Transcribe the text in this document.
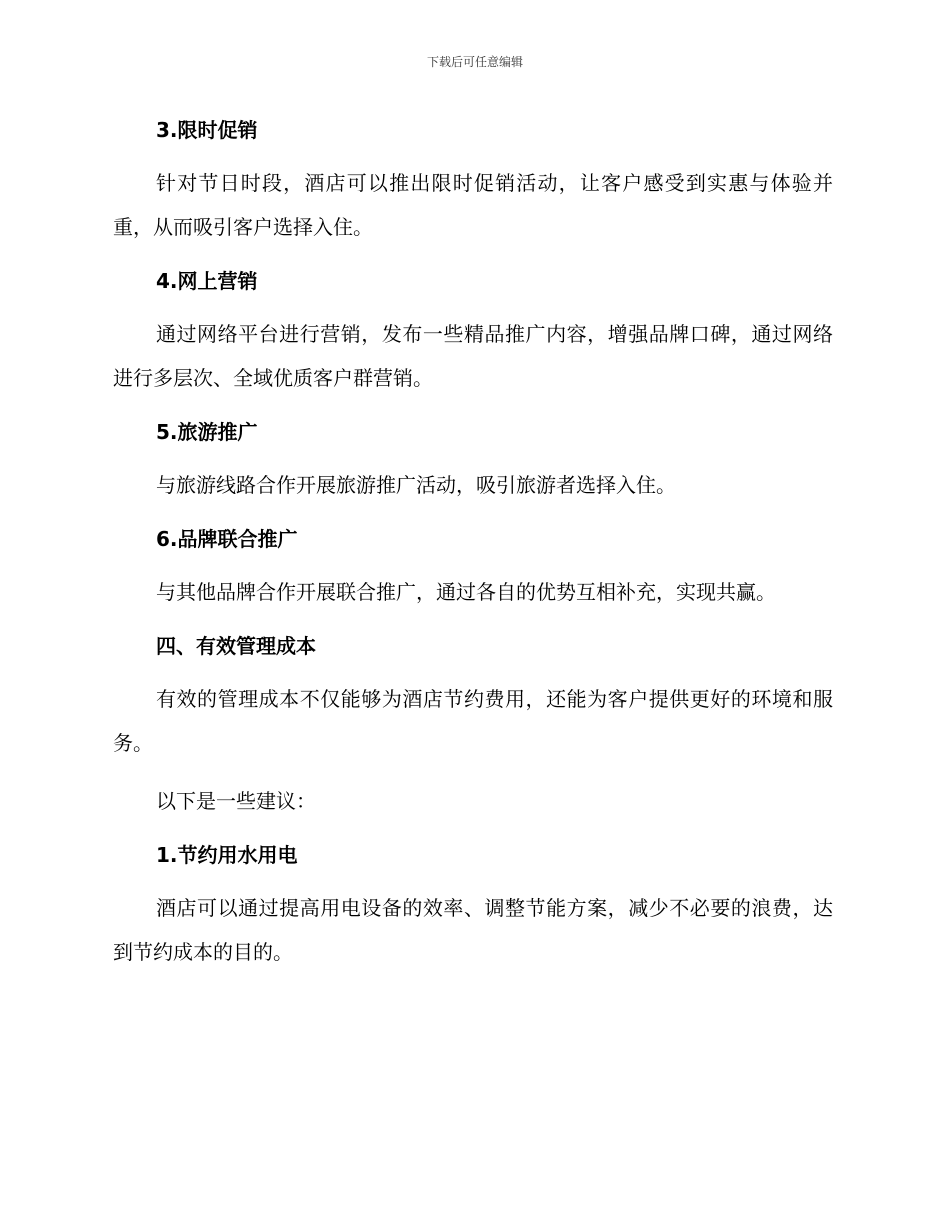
下载后可任意编辑
3.限时促销

针对节日时段，酒店可以推出限时促销活动，让客户感受到实惠与体验并重，从而吸引客户选择入住。

4.网上营销

通过网络平台进行营销，发布一些精品推广内容，增强品牌口碑，通过网络进行多层次、全域优质客户群营销。

5.旅游推广

与旅游线路合作开展旅游推广活动，吸引旅游者选择入住。

6.品牌联合推广

与其他品牌合作开展联合推广，通过各自的优势互相补充，实现共赢。

四、有效管理成本

有效的管理成本不仅能够为酒店节约费用，还能为客户提供更好的环境和服务。

以下是一些建议：

1.节约用水用电

酒店可以通过提高用电设备的效率、调整节能方案，减少不必要的浪费，达到节约成本的目的。
